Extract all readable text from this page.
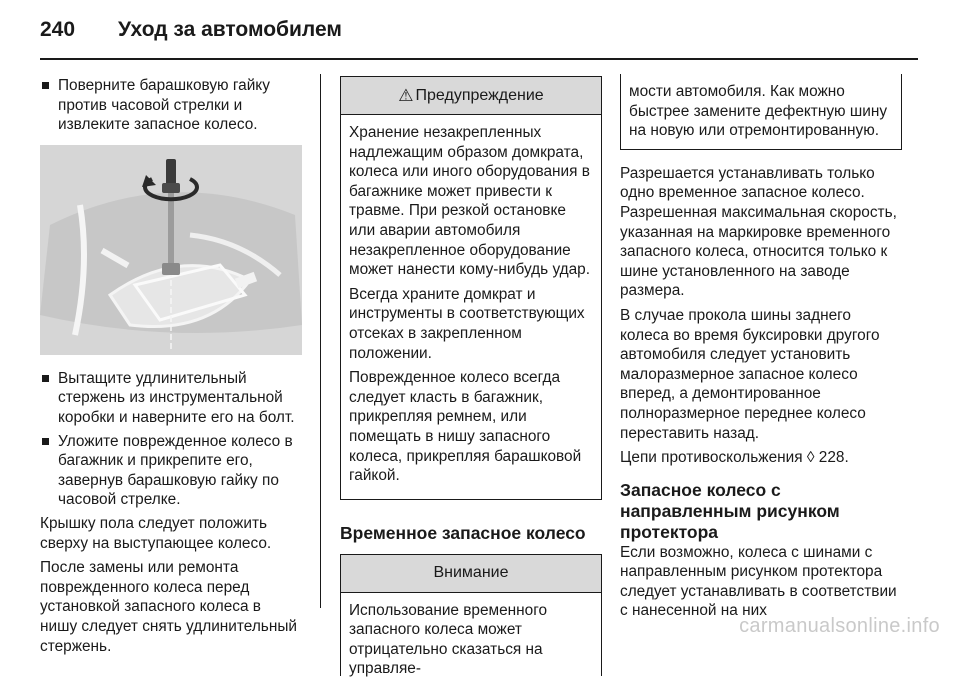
240 Уход за автомобилем
Поверните барашковую гайку против часовой стрелки и извлеките запасное колесо.
Вытащите удлинительный стержень из инструментальной коробки и наверните его на болт.
Уложите поврежденное колесо в багажник и прикрепите его, завернув барашковую гайку по часовой стрелке.

Крышку пола следует положить сверху на выступающее колесо.

После замены или ремонта поврежденного колеса перед установкой запасного колеса в нишу следует снять удлинительный стержень.

⚠ Предупреждение

Хранение незакрепленных надлежащим образом домкрата, колеса или иного оборудования в багажнике может привести к травме. При резкой остановке или аварии автомобиля незакрепленное оборудование может нанести кому-нибудь удар.

Всегда храните домкрат и инструменты в соответствующих отсеках в закрепленном положении.

Поврежденное колесо всегда следует класть в багажник, прикрепляя ремнем, или помещать в нишу запасного колеса, прикрепляя барашковой гайкой.

Временное запасное колесо
Внимание

Использование временного запасного колеса может отрицательно сказаться на управляе-

мости автомобиля. Как можно быстрее замените дефектную шину на новую или отремонтированную.

Разрешается устанавливать только одно временное запасное колесо. Разрешенная максимальная скорость, указанная на маркировке временного запасного колеса, относится только к шине установленного на заводе размера.

В случае прокола шины заднего колеса во время буксировки другого автомобиля следует установить малоразмерное запасное колесо вперед, а демонтированное полноразмерное переднее колесо переставить назад.

Цепи противоскольжения ◊ 228.

Запасное колесо с направленным рисунком протектора

Если возможно, колеса с шинами с направленным рисунком протектора следует устанавливать в соответствии с нанесенной на них

carmanualsonline.info
